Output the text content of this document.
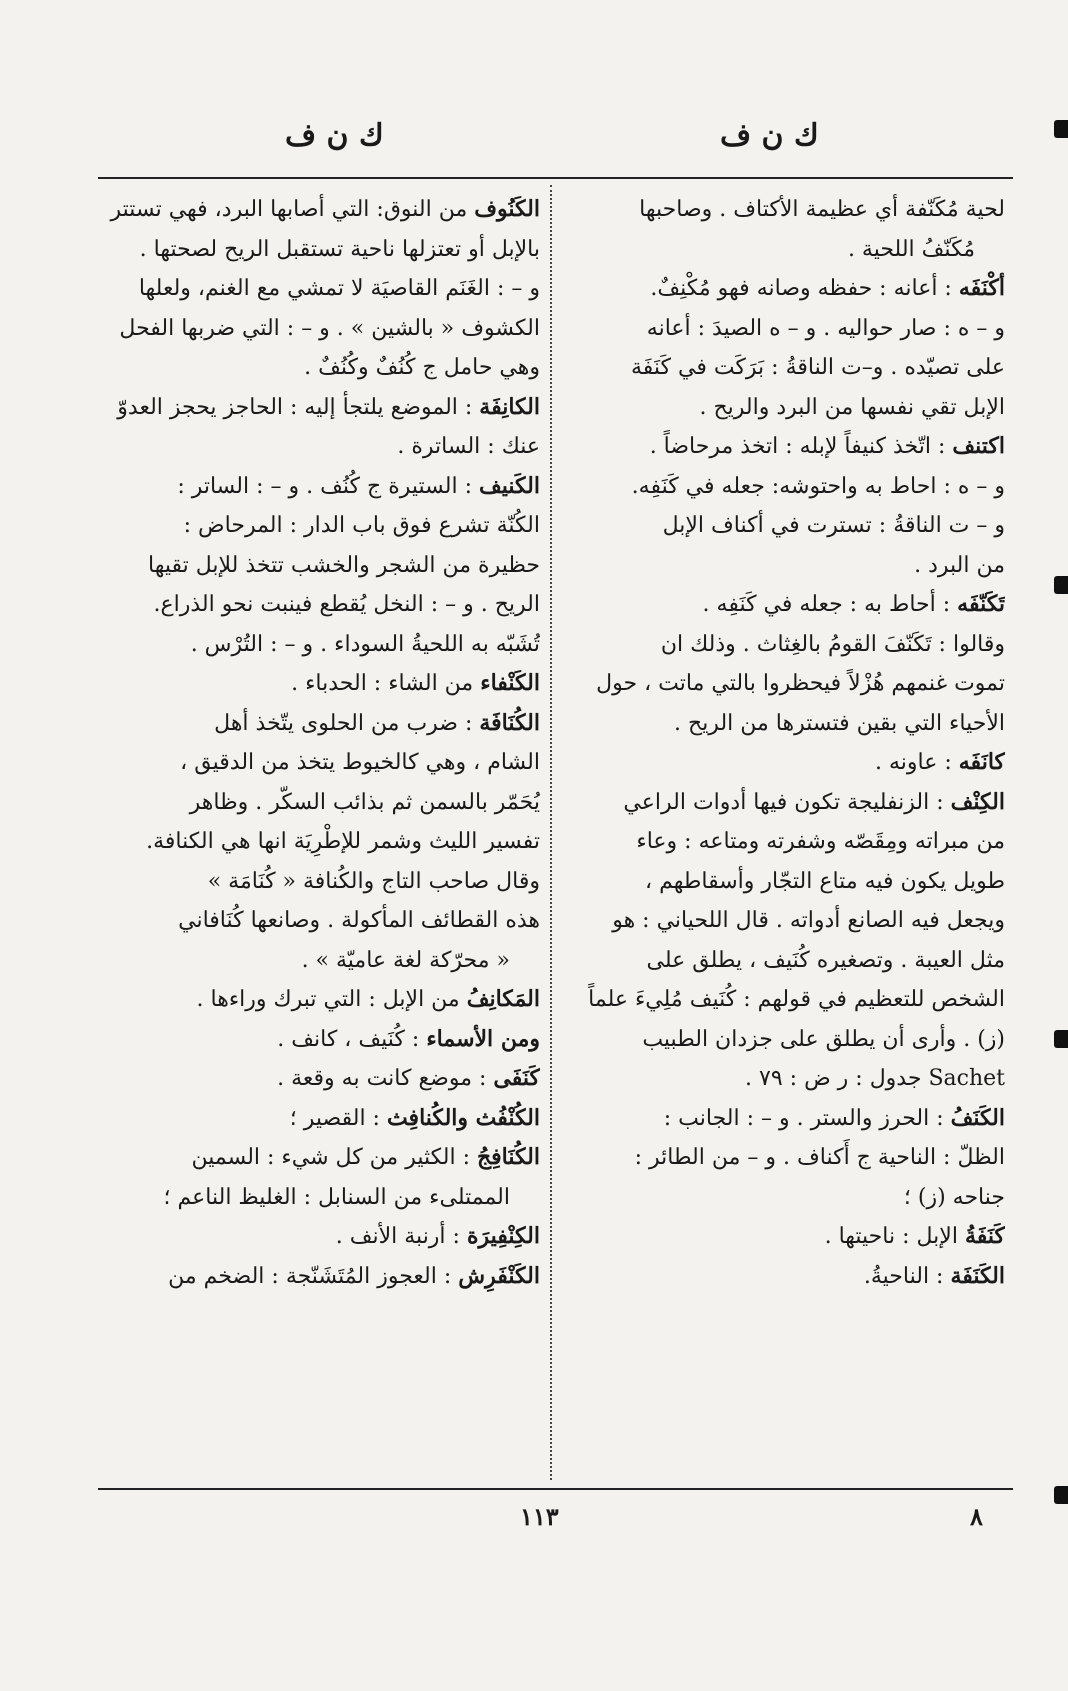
ك ن ف	ك ن ف
لحية مُكَنّفة أي عظيمة الأكتاف . وصاحبها
مُكَنّفُ اللحية .
أكْنَفَه : أعانه : حفظه وصانه فهو مُكْنِفٌ.
و – ه : صار حواليه . و – ه الصيدَ : أعانه
على تصيّده . و–ت الناقةُ : بَرَكَت في كَنَفَة
الإبل تقي نفسها من البرد والريح .
اكتنف : اتّخذ كنيفاً لإبله : اتخذ مرحاضاً .
و – ه : احاط به واحتوشه: جعله في كَنَفِه.
و – ت الناقةُ : تسترت في أكناف الإبل
من البرد .
تَكَنّفَه : أحاط به : جعله في كَنَفِه .
وقالوا : تَكَنّفَ القومُ بالغِثاث . وذلك ان
تموت غنمهم هُزْلاً فيحظروا بالتي ماتت ، حول
الأحياء التي بقين فتسترها من الريح .
كانَفَه : عاونه .
الكِنْف : الزنفليجة تكون فيها أدوات الراعي
من مبراته ومِقَصّه وشفرته ومتاعه : وعاء
طويل يكون فيه متاع التجّار وأسقاطهم ،
ويجعل فيه الصانع أدواته . قال اللحياني : هو
مثل العيبة . وتصغيره كُنَيف ، يطلق على
الشخص للتعظيم في قولهم : كُنَيف مُلِيءَ علماً
(ز) . وأرى أن يطلق على جزدان الطبيب
Sachet جدول : ر ض : ٧٩ .
الكَنَفُ : الحرز والستر . و – : الجانب :
الظلّ : الناحية ج أَكناف . و – من الطائر :
جناحه (ز) ؛
كَنَفَةُ الإبل : ناحيتها .
الكَنَفَة : الناحيةُ.
الكَنُوف من النوق: التي أصابها البرد، فهي تستتر
بالإبل أو تعتزلها ناحية تستقبل الريح لصحتها .
و – : الغَنَم القاصيَة لا تمشي مع الغنم، ولعلها
الكشوف « بالشين » . و – : التي ضربها الفحل
وهي حامل ج كُنُفٌ وكُنُفٌ .
الكانِفَة : الموضع يلتجأ إليه : الحاجز يحجز العدوّ
عنك : الساترة .
الكَنيف : الستيرة ج كُنُف . و – : الساتر :
الكُنّة تشرع فوق باب الدار : المرحاض :
حظيرة من الشجر والخشب تتخذ للإبل تقيها
الريح . و – : النخل يُقطع فينبت نحو الذراع.
تُشَبّه به اللحيةُ السوداء . و – : التُرْس .
الكَنْفاء من الشاء : الحدباء .
الكُنَافَة : ضرب من الحلوى يتّخذ أهل
الشام ، وهي كالخيوط يتخذ من الدقيق ،
يُحَمّر بالسمن ثم بذائب السكّر . وظاهر
تفسير الليث وشمر للإطْرِيَة انها هي الكنافة.
وقال صاحب التاج والكُنافة « كُنَامَة »
هذه القطائف المأكولة . وصانعها كُنَافاني
« محرّكة لغة عاميّة » .
المَكانِفُ من الإبل : التي تبرك وراءها .
ومن الأسماء : كُنَيف ، كانف .
كَنَفَى : موضع كانت به وقعة .
الكُنْفُث والكُنافِث : القصير ؛
الكُنَافِجُ : الكثير من كل شيء : السمين
الممتلىء من السنابل : الغليظ الناعم ؛
الكِنْفِيرَة : أرنبة الأنف .
الكَنْفَرِش : العجوز المُتَشَنّجة : الضخم من
١١٣	٨
